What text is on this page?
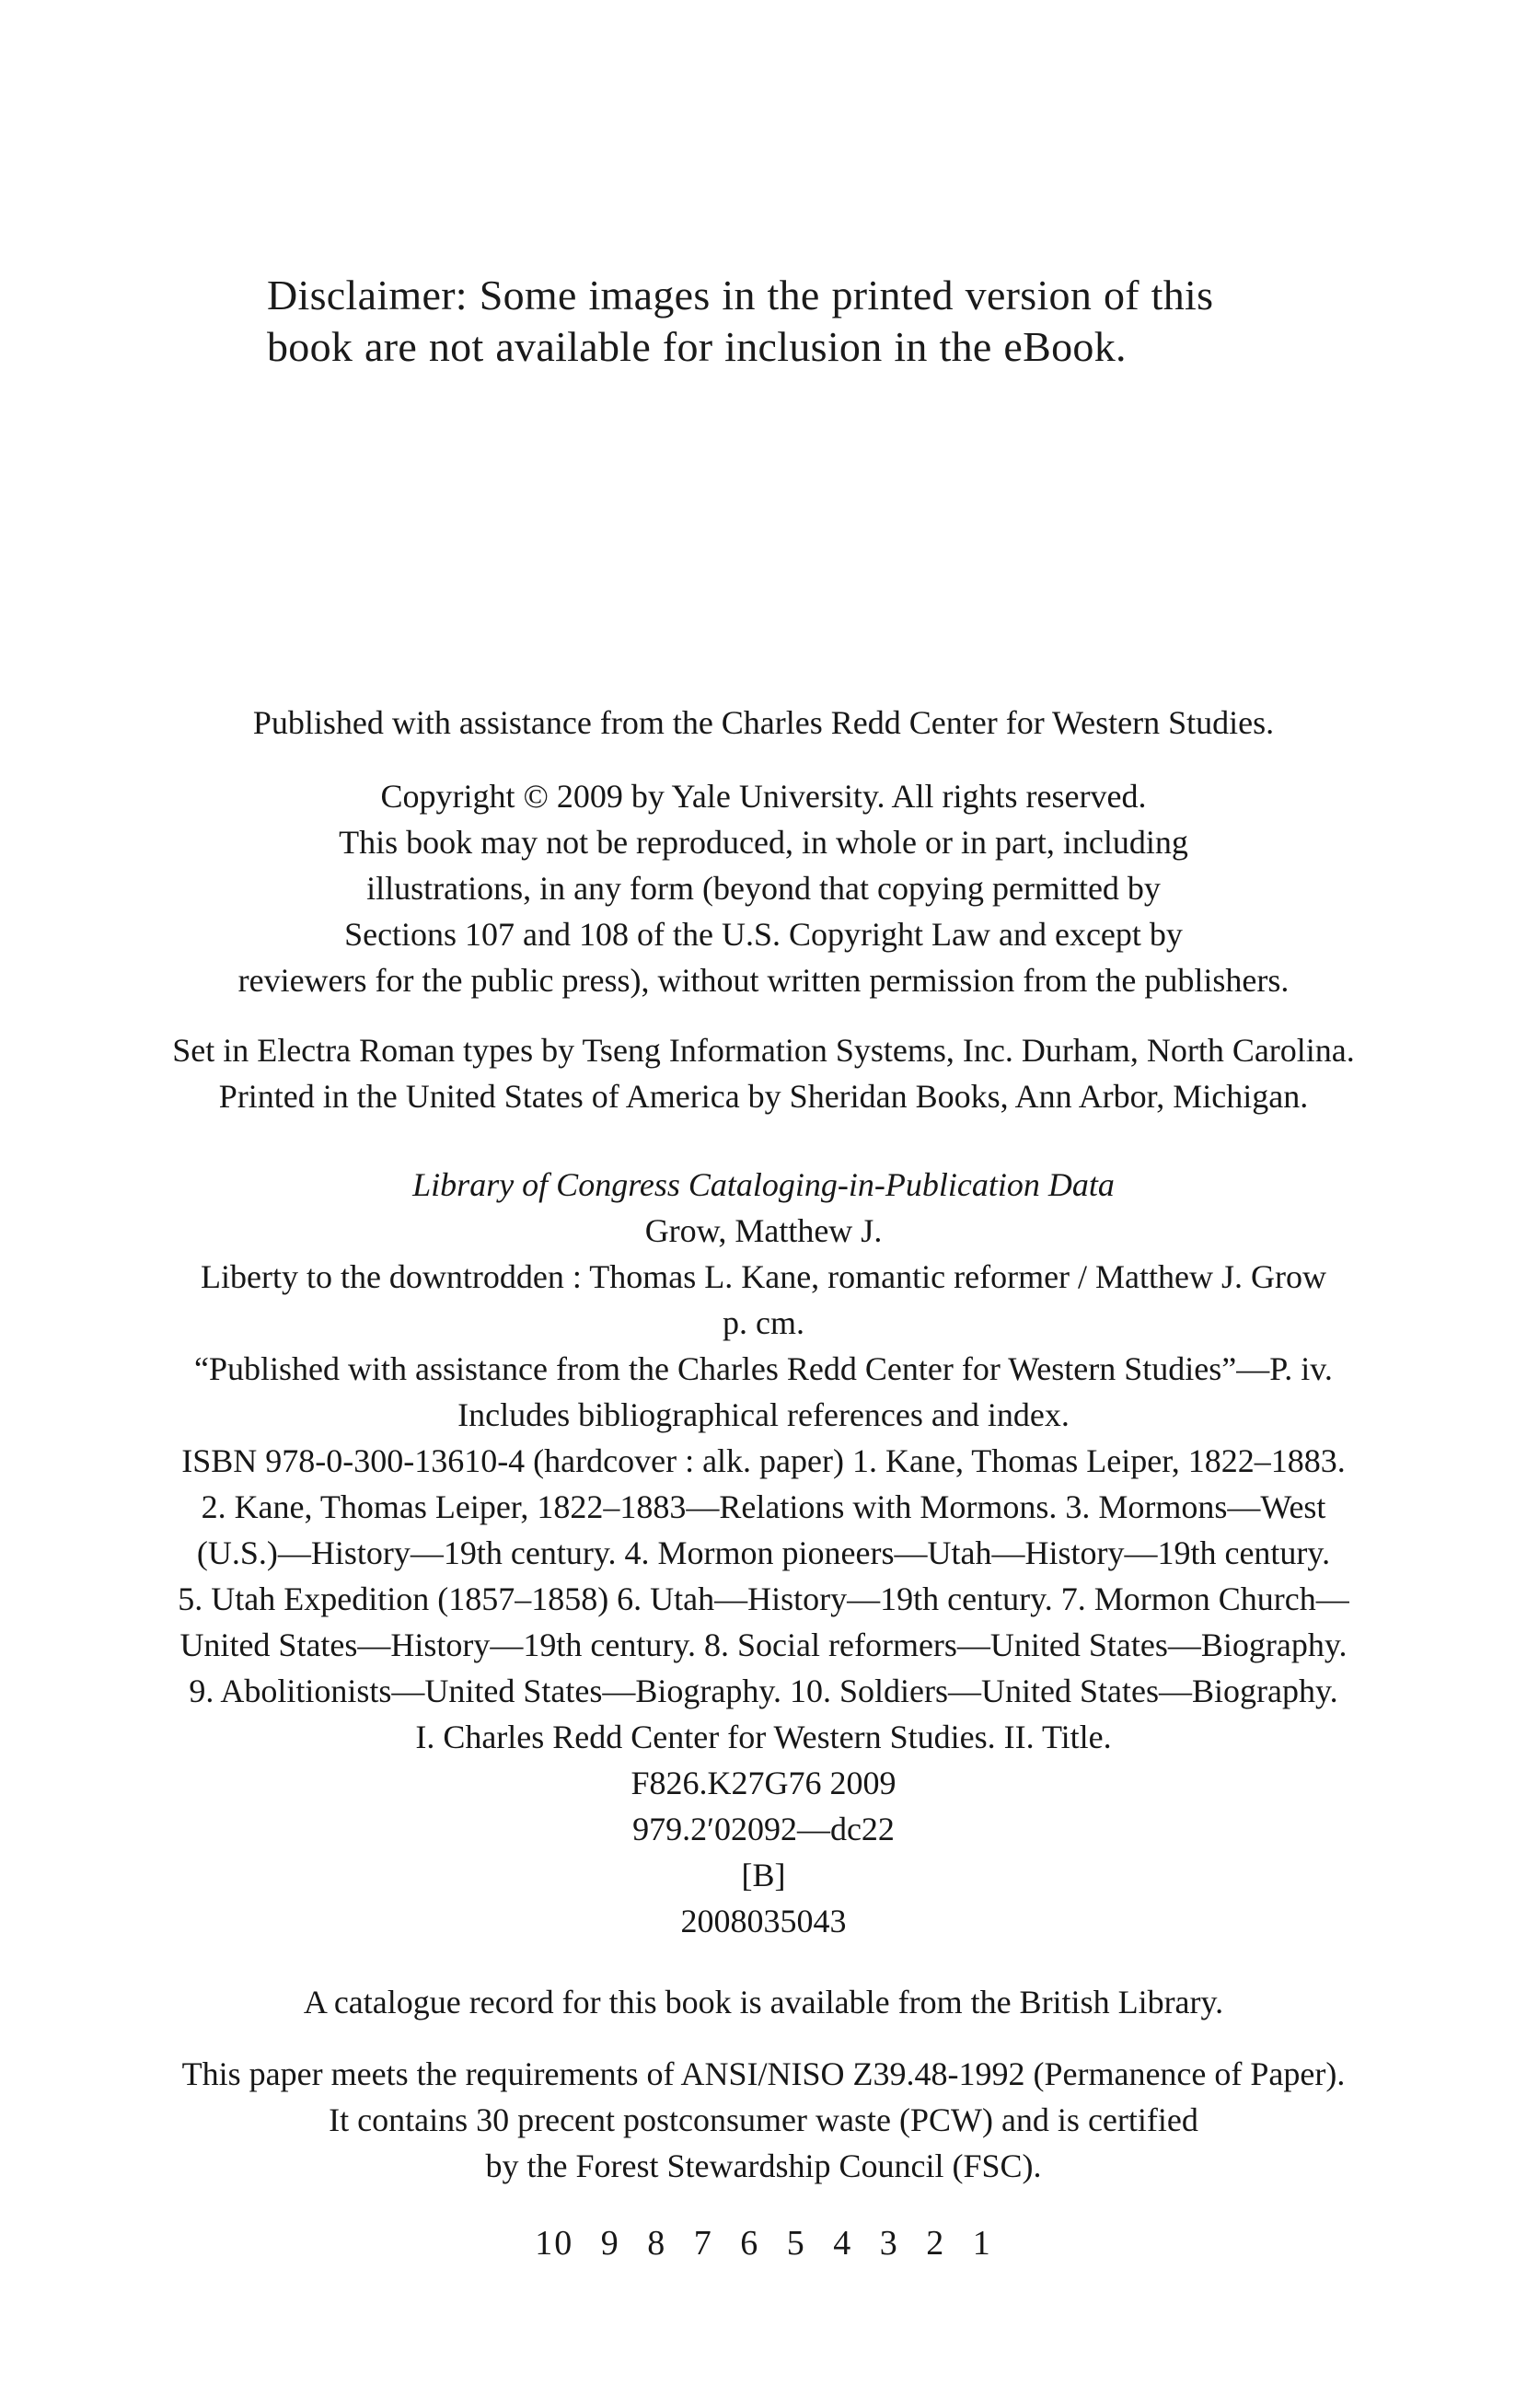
Disclaimer: Some images in the printed version of this
book are not available for inclusion in the eBook.
Published with assistance from the Charles Redd Center for Western Studies.
Copyright © 2009 by Yale University. All rights reserved.
This book may not be reproduced, in whole or in part, including
illustrations, in any form (beyond that copying permitted by
Sections 107 and 108 of the U.S. Copyright Law and except by
reviewers for the public press), without written permission from the publishers.
Set in Electra Roman types by Tseng Information Systems, Inc. Durham, North Carolina.
Printed in the United States of America by Sheridan Books, Ann Arbor, Michigan.
Library of Congress Cataloging-in-Publication Data
Grow, Matthew J.
Liberty to the downtrodden : Thomas L. Kane, romantic reformer / Matthew J. Grow
p. cm.
“Published with assistance from the Charles Redd Center for Western Studies”—P. iv.
Includes bibliographical references and index.
ISBN 978-0-300-13610-4 (hardcover : alk. paper) 1. Kane, Thomas Leiper, 1822–1883.
2. Kane, Thomas Leiper, 1822–1883—Relations with Mormons. 3. Mormons—West
(U.S.)—History—19th century. 4. Mormon pioneers—Utah—History—19th century.
5. Utah Expedition (1857–1858) 6. Utah—History—19th century. 7. Mormon Church—
United States—History—19th century. 8. Social reformers—United States—Biography.
9. Abolitionists—United States—Biography. 10. Soldiers—United States—Biography.
I. Charles Redd Center for Western Studies. II. Title.
F826.K27G76 2009
979.2′02092—dc22
[B]
2008035043
A catalogue record for this book is available from the British Library.
This paper meets the requirements of ANSI/NISO Z39.48-1992 (Permanence of Paper).
It contains 30 precent postconsumer waste (PCW) and is certified
by the Forest Stewardship Council (FSC).
10 9 8 7 6 5 4 3 2 1
